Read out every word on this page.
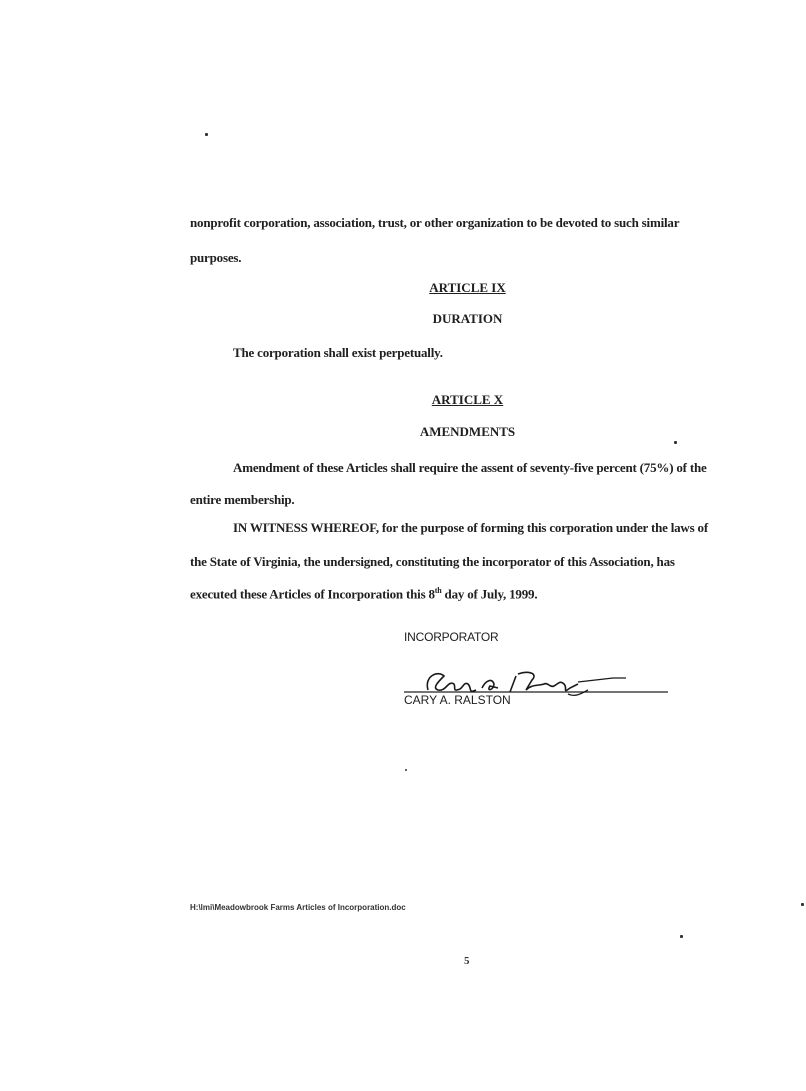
nonprofit corporation, association, trust, or other organization to be devoted to such similar
purposes.
ARTICLE IX
DURATION
The corporation shall exist perpetually.
ARTICLE X
AMENDMENTS
Amendment of these Articles shall require the assent of seventy-five percent (75%) of the
entire membership.
IN WITNESS WHEREOF, for the purpose of forming this corporation under the laws of
the State of Virginia, the undersigned, constituting the incorporator of this Association, has
executed these Articles of Incorporation this 8th day of July, 1999.
INCORPORATOR
CARY A. RALSTON
H:\lmi\Meadowbrook Farms Articles of Incorporation.doc
5
